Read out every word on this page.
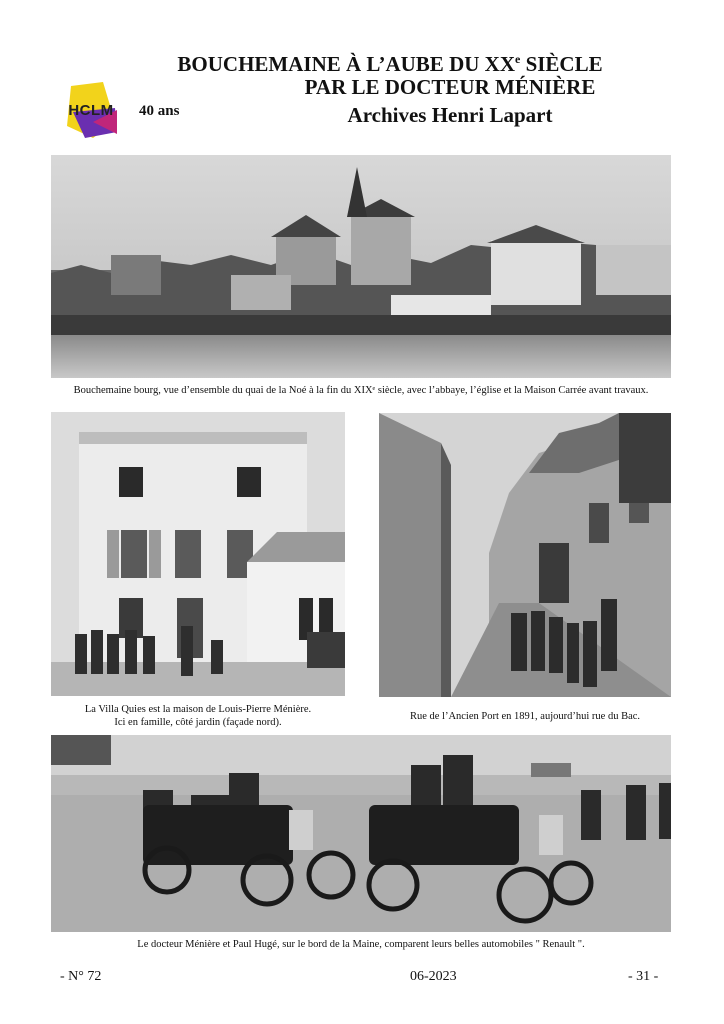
HCLM	40 ans
BOUCHEMAINE À L’AUBE DU XXe SIÈCLE
PAR LE DOCTEUR MÉNIÈRE
Archives Henri Lapart
Bouchemaine bourg, vue d’ensemble du quai de la Noé à la fin du XIXᵉ siècle, avec l’abbaye, l’église et la Maison Carrée avant travaux.
La Villa Quies est la maison de Louis-Pierre Ménière.
Ici en famille, côté jardin (façade nord).
Rue de l’Ancien Port en 1891, aujourd’hui rue du Bac.
Le docteur Ménière et Paul Hugé, sur le bord de la Maine, comparent leurs belles automobiles " Renault ".
- N° 72	06-2023	- 31 -
